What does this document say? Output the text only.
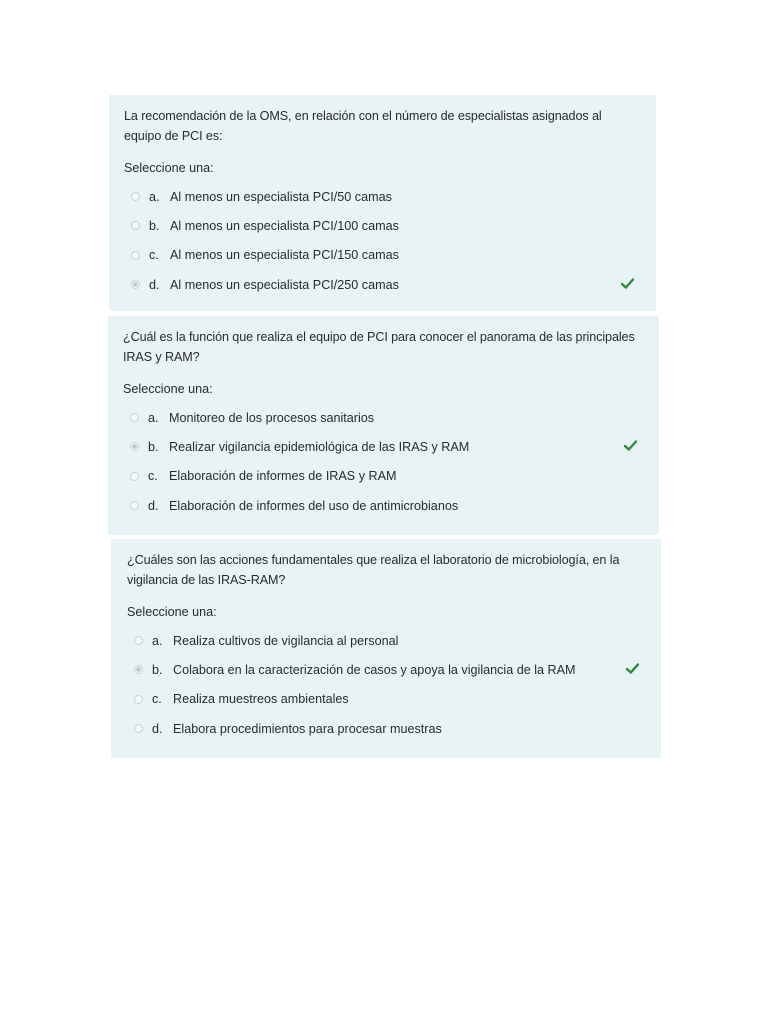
La recomendación de la OMS, en relación con el número de especialistas asignados al equipo de PCI es:

Seleccione una:

a. Al menos un especialista PCI/50 camas
b. Al menos un especialista PCI/100 camas
c. Al menos un especialista PCI/150 camas
d. Al menos un especialista PCI/250 camas

¿Cuál es la función que realiza el equipo de PCI para conocer el panorama de las principales IRAS y RAM?

Seleccione una:

a. Monitoreo de los procesos sanitarios
b. Realizar vigilancia epidemiológica de las IRAS y RAM
c. Elaboración de informes de IRAS y RAM
d. Elaboración de informes del uso de antimicrobianos

¿Cuáles son las acciones fundamentales que realiza el laboratorio de microbiología, en la vigilancia de las IRAS-RAM?

Seleccione una:

a. Realiza cultivos de vigilancia al personal
b. Colabora en la caracterización de casos y apoya la vigilancia de la RAM
c. Realiza muestreos ambientales
d. Elabora procedimientos para procesar muestras
